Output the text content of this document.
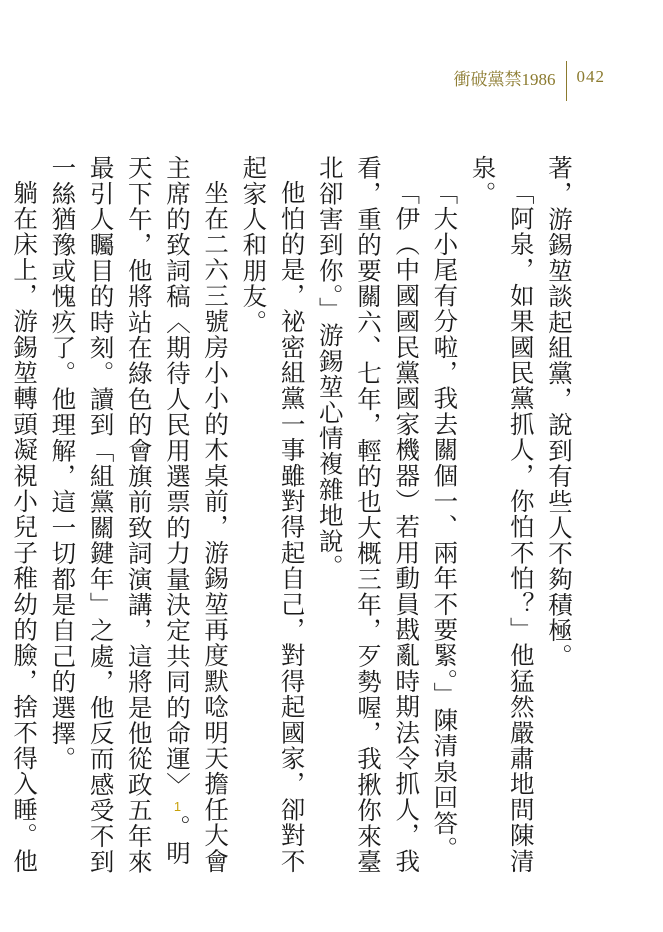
衝破黨禁1986 042

著，游錫堃談起組黨，說到有些人不夠積極。

「阿泉，如果國民黨抓人，你怕不怕？」他猛然嚴肅地問陳清泉。

「大小尾有分啦，我去關個一、兩年不要緊。」陳清泉回答。

「伊（中國國民黨國家機器）若用動員戡亂時期法令抓人，我看，重的要關六、七年，輕的也大概三年，歹勢喔，我揪你來臺北卻害到你。」游錫堃心情複雜地說。

他怕的是，祕密組黨一事雖對得起自己，對得起國家，卻對不起家人和朋友。

坐在二六三號房小小的木桌前，游錫堃再度默唸明天擔任大會主席的致詞稿〈期待人民用選票的力量決定共同的命運〉1。明天下午，他將站在綠色的會旗前致詞演講，這將是他從政五年來最引人矚目的時刻。讀到「組黨關鍵年」之處，他反而感受不到一絲猶豫或愧疚了。他理解，這一切都是自己的選擇。

躺在床上，游錫堃轉頭凝視小兒子稚幼的臉，捨不得入睡。他
